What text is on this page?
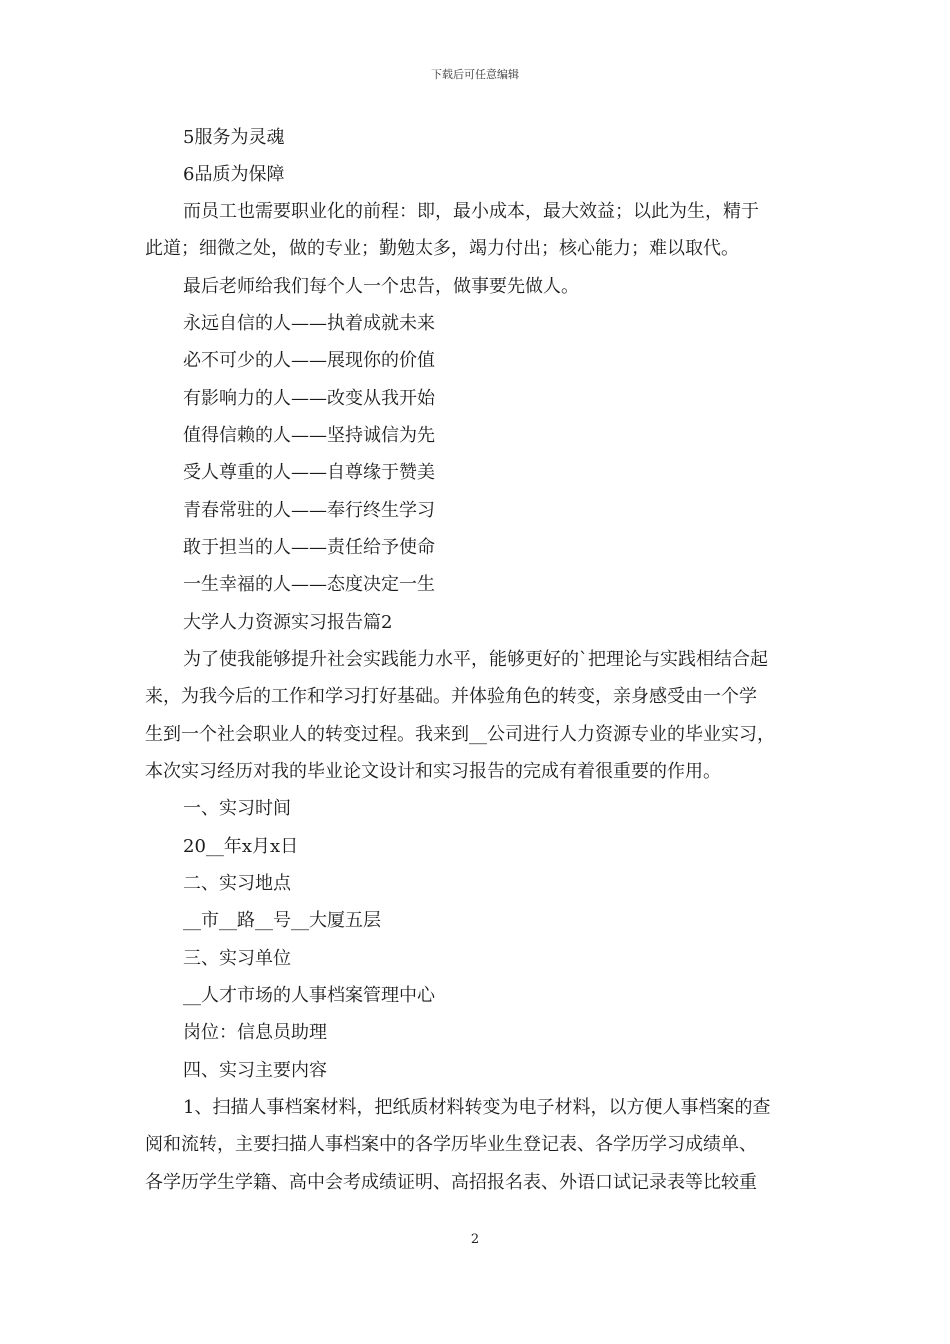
下载后可任意编辑
5服务为灵魂
6品质为保障
而员工也需要职业化的前程：即，最小成本，最大效益；以此为生，精于
此道；细微之处，做的专业；勤勉太多，竭力付出；核心能力；难以取代。
最后老师给我们每个人一个忠告，做事要先做人。
永远自信的人——执着成就未来
必不可少的人——展现你的价值
有影响力的人——改变从我开始
值得信赖的人——坚持诚信为先
受人尊重的人——自尊缘于赞美
青春常驻的人——奉行终生学习
敢于担当的人——责任给予使命
一生幸福的人——态度决定一生
大学人力资源实习报告篇2
为了使我能够提升社会实践能力水平，能够更好的`把理论与实践相结合起
来，为我今后的工作和学习打好基础。并体验角色的转变，亲身感受由一个学
生到一个社会职业人的转变过程。我来到__公司进行人力资源专业的毕业实习，
本次实习经历对我的毕业论文设计和实习报告的完成有着很重要的作用。
一、实习时间
20__年x月x日
二、实习地点
__市__路__号__大厦五层
三、实习单位
__人才市场的人事档案管理中心
岗位：信息员助理
四、实习主要内容
1、扫描人事档案材料，把纸质材料转变为电子材料，以方便人事档案的查
阅和流转，主要扫描人事档案中的各学历毕业生登记表、各学历学习成绩单、
各学历学生学籍、高中会考成绩证明、高招报名表、外语口试记录表等比较重
2
